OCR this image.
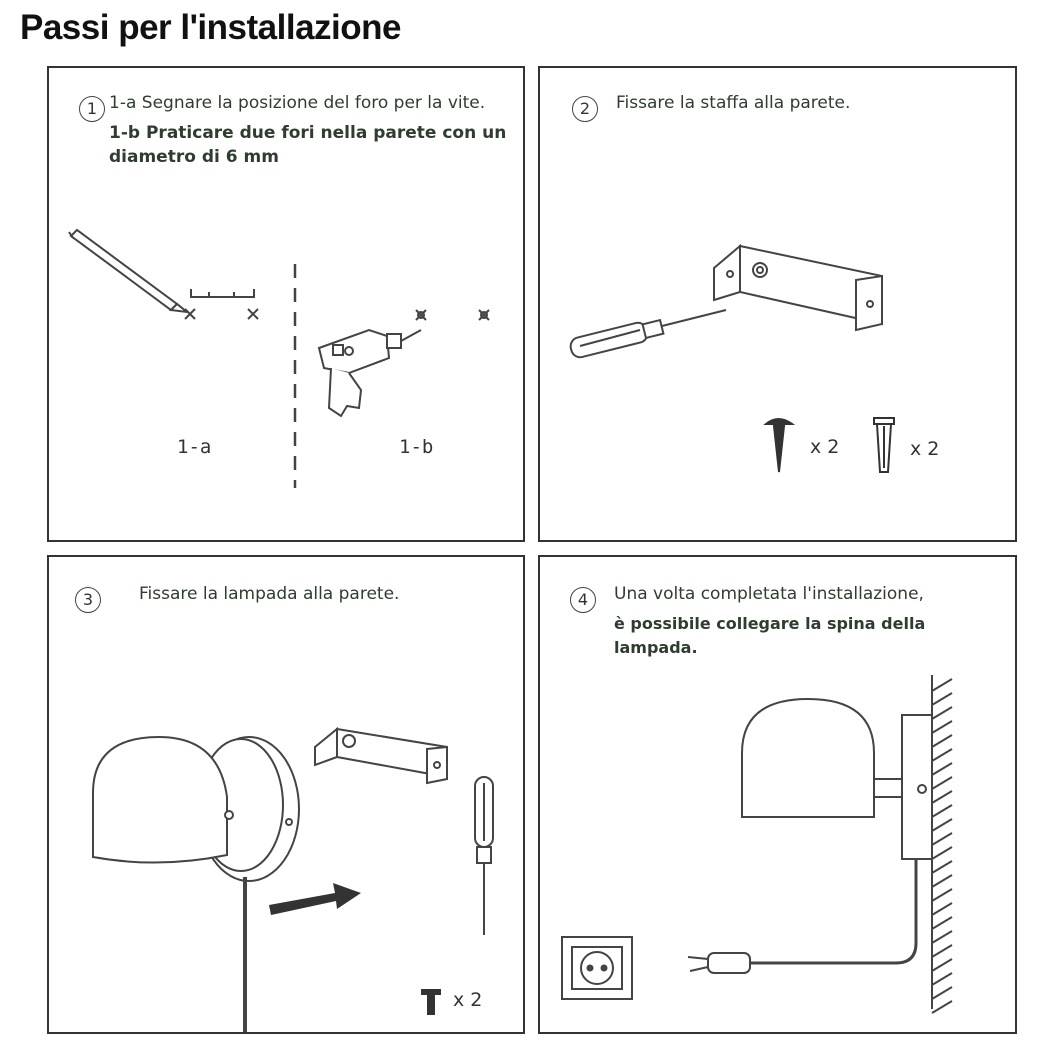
Passi per l'installazione
1 1-a Segnare la posizione del foro per la vite.
1-b Praticare due fori nella parete con un
diametro di 6 mm
1-a	1-b
2	Fissare la staffa alla parete.
x 2	x 2
3	Fissare la lampada alla parete.
x 2
4	Una volta completata l'installazione,
è possibile collegare la spina della
lampada.
